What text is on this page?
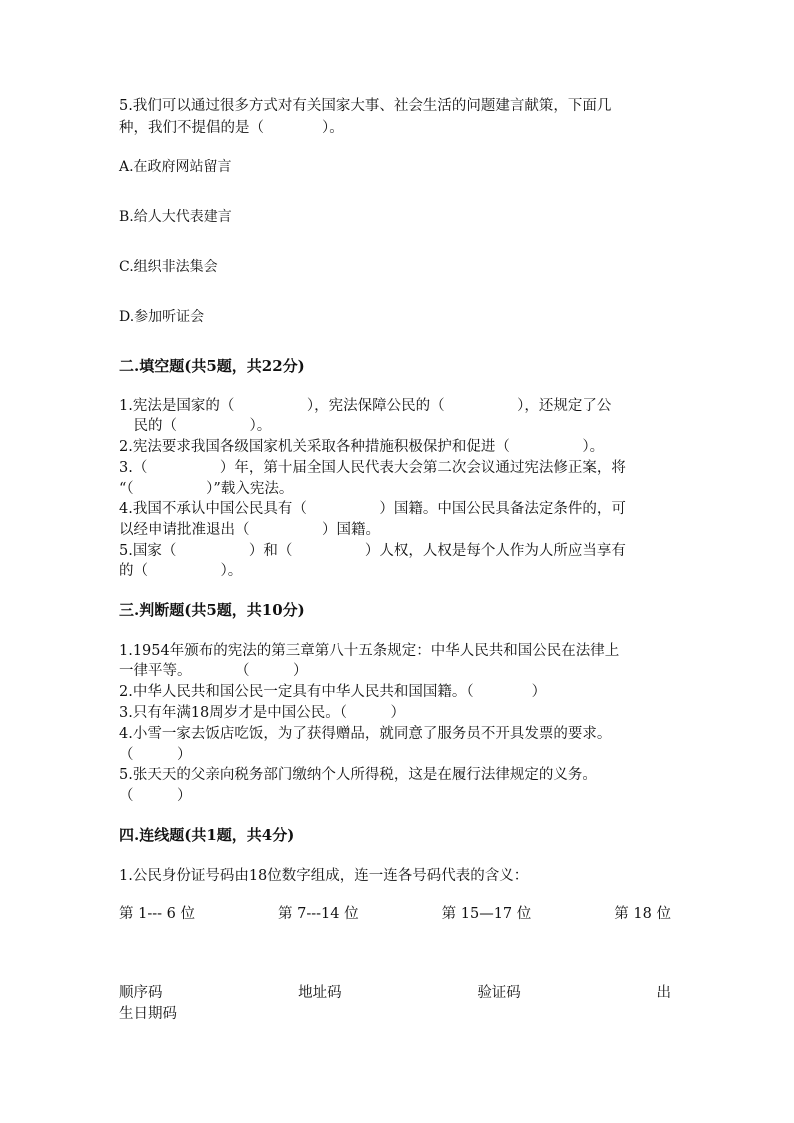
5.我们可以通过很多方式对有关国家大事、社会生活的问题建言献策，下面几
种，我们不提倡的是（　　　　）。
A.在政府网站留言
B.给人大代表建言
C.组织非法集会
D.参加听证会
二.填空题(共5题，共22分)
1.宪法是国家的（　　　　　），宪法保障公民的（　　　　　），还规定了公
　民的（　　　　　）。
2.宪法要求我国各级国家机关采取各种措施积极保护和促进（　　　　　）。
3.（　　　　　）年，第十届全国人民代表大会第二次会议通过宪法修正案，将
“（　　　　　）”载入宪法。
4.我国不承认中国公民具有（　　　　　）国籍。中国公民具备法定条件的，可
以经申请批准退出（　　　　　）国籍。
5.国家（　　　　　）和（　　　　　）人权，人权是每个人作为人所应当享有
的（　　　　　）。
三.判断题(共5题，共10分)
1.1954年颁布的宪法的第三章第八十五条规定：中华人民共和国公民在法律上
一律平等。　　　　（　　　）
2.中华人民共和国公民一定具有中华人民共和国国籍。（　　　　）
3.只有年满18周岁才是中国公民。（　　　）
4.小雪一家去饭店吃饭，为了获得赠品，就同意了服务员不开具发票的要求。
（　　　）
5.张天天的父亲向税务部门缴纳个人所得税，这是在履行法律规定的义务。
（　　　）
四.连线题(共1题，共4分)
1.公民身份证号码由18位数字组成，连一连各号码代表的含义：
第 1--- 6 位	第 7---14 位	第 15—17 位	第 18 位
顺序码	地址码	验证码	出
生日期码
